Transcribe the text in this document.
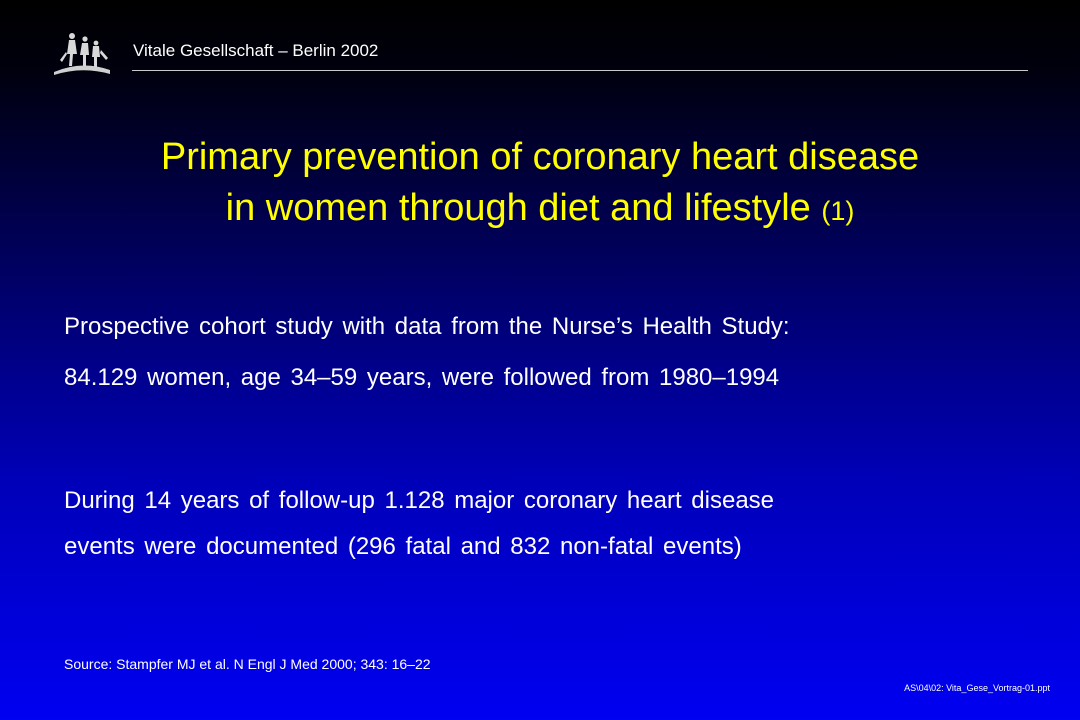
Vitale Gesellschaft – Berlin 2002
Primary prevention of coronary heart disease
in women through diet and lifestyle (1)
Prospective cohort study with data from the Nurse’s Health Study:
84.129 women, age 34–59 years, were followed from 1980–1994
During 14 years of follow-up 1.128 major coronary heart disease
events were documented (296 fatal and 832 non-fatal events)
Source: Stampfer MJ et al. N Engl J Med 2000; 343: 16–22
AS\04\02: Vita_Gese_Vortrag-01.ppt
